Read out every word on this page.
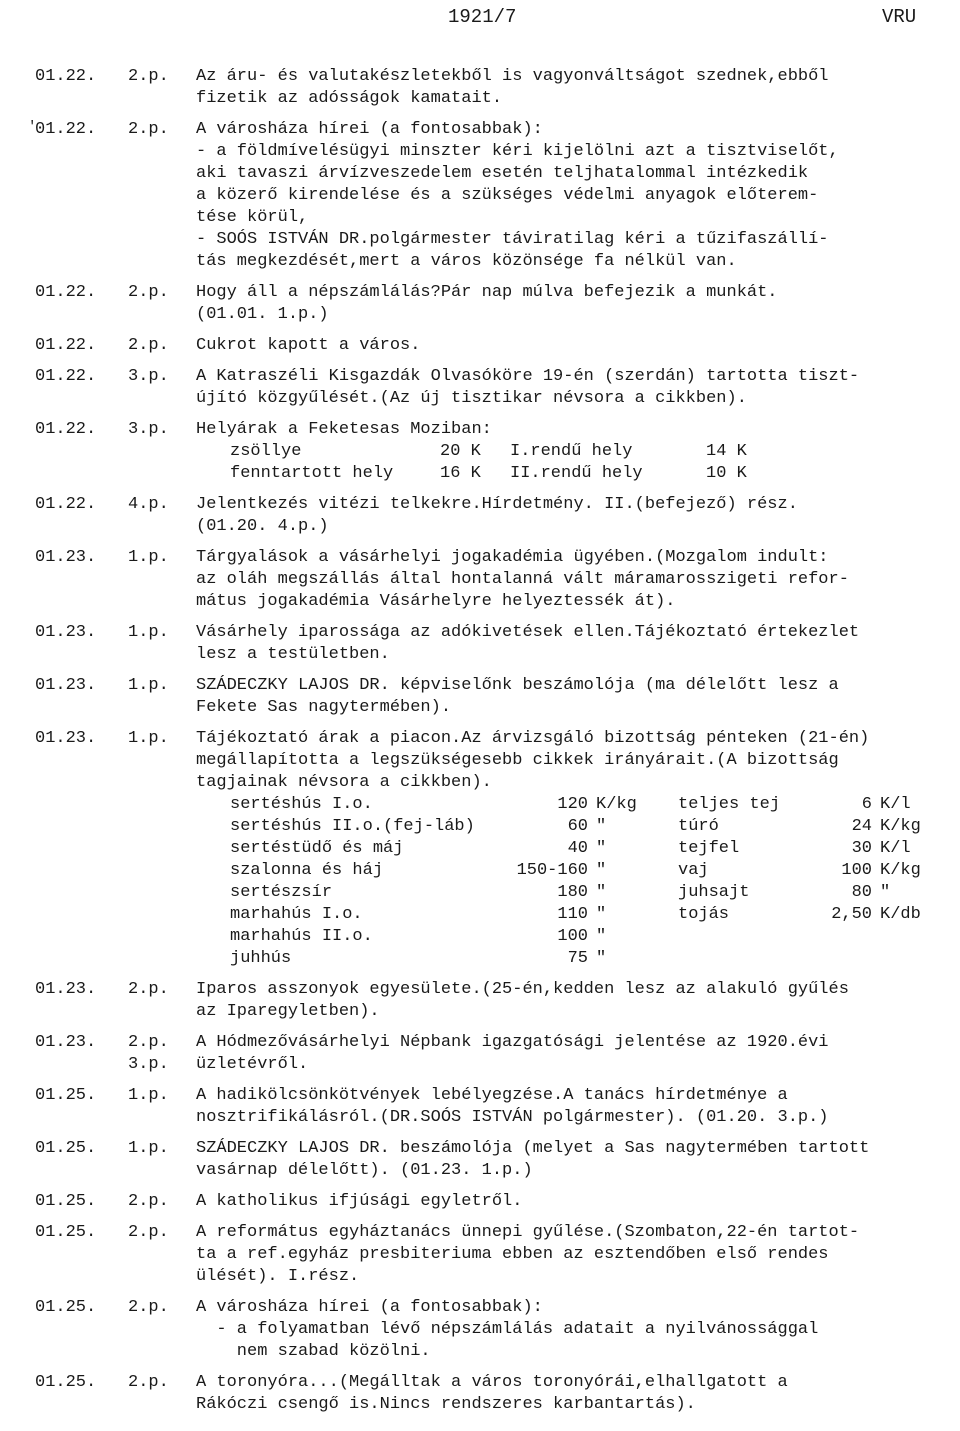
1921/7	VRU
01.22. 2.p. Az áru- és valutakészletekből is vagyonváltságot szednek,ebből
fizetik az adósságok kamatait.
'
01.22. 2.p. A városháza hírei (a fontosabbak):
- a földmívelésügyi minszter kéri kijelölni azt a tisztviselőt,
aki tavaszi árvízveszedelem esetén teljhatalommal intézkedik
a közerő kirendelése és a szükséges védelmi anyagok előterem-
tése körül,
- SOÓS ISTVÁN DR.polgármester táviratilag kéri a tűzifaszállí-
tás megkezdését,mert a város közönsége fa nélkül van.
01.22. 2.p. Hogy áll a népszámlálás?Pár nap múlva befejezik a munkát.
(01.01. 1.p.)
01.22. 2.p. Cukrot kapott a város.
01.22. 3.p. A Katraszéli Kisgazdák Olvasóköre 19-én (szerdán) tartotta tiszt-
újító közgyűlését.(Az új tisztikar névsora a cikkben).
01.22. 3.p. Helyárak a Feketesas Moziban:
zsöllye	20 K I.rendű hely	14 K
fenntartott hely	16 K II.rendű hely	10 K
01.22. 4.p. Jelentkezés vitézi telkekre.Hírdetmény. II.(befejező) rész.
(01.20. 4.p.)
01.23. 1.p. Tárgyalások a vásárhelyi jogakadémia ügyében.(Mozgalom indult:
az oláh megszállás által hontalanná vált máramarosszigeti refor-
mátus jogakadémia Vásárhelyre helyeztessék át).
01.23. 1.p. Vásárhely iparossága az adókivetések ellen.Tájékoztató értekezlet
lesz a testületben.
01.23. 1.p. SZÁDECZKY LAJOS DR. képviselőnk beszámolója (ma délelőtt lesz a
Fekete Sas nagytermében).
01.23. 1.p. Tájékoztató árak a piacon.Az árvizsgáló bizottság pénteken (21-én)
megállapította a legszükségesebb cikkek irányárait.(A bizottság
tagjainak névsora a cikkben).
sertéshús I.o.	120 K/kg teljes tej	6 K/l
sertéshús II.o.(fej-láb)	60 "	túró	24 K/kg
sertéstüdő és máj	40 "	tejfel	30 K/l
szalonna és háj	150-160 "	vaj	100 K/kg
sertészsír	180 "	juhsajt	80 "
marhahús I.o.	110 "	tojás	2,50 K/db
marhahús II.o.	100 "
juhhús	75 "
01.23. 2.p. Iparos asszonyok egyesülete.(25-én,kedden lesz az alakuló gyűlés
az Iparegyletben).
01.23. 2.p.
3.p.
A Hódmezővásárhelyi Népbank igazgatósági jelentése az 1920.évi
üzletévről.
01.25. 1.p. A hadikölcsönkötvények lebélyegzése.A tanács hírdetménye a
nosztrifikálásról.(DR.SOÓS ISTVÁN polgármester). (01.20. 3.p.)
01.25. 1.p. SZÁDECZKY LAJOS DR. beszámolója (melyet a Sas nagytermében tartott
vasárnap délelőtt). (01.23. 1.p.)
01.25. 2.p. A katholikus ifjúsági egyletről.
01.25. 2.p. A református egyháztanács ünnepi gyűlése.(Szombaton,22-én tartot-
ta a ref.egyház presbiteriuma ebben az esztendőben első rendes
ülését). I.rész.
01.25. 2.p. A városháza hírei (a fontosabbak):
- a folyamatban lévő népszámlálás adatait a nyilvánossággal
nem szabad közölni.
01.25. 2.p. A toronyóra...(Megálltak a város toronyórái,elhallgatott a
Rákóczi csengő is.Nincs rendszeres karbantartás).
